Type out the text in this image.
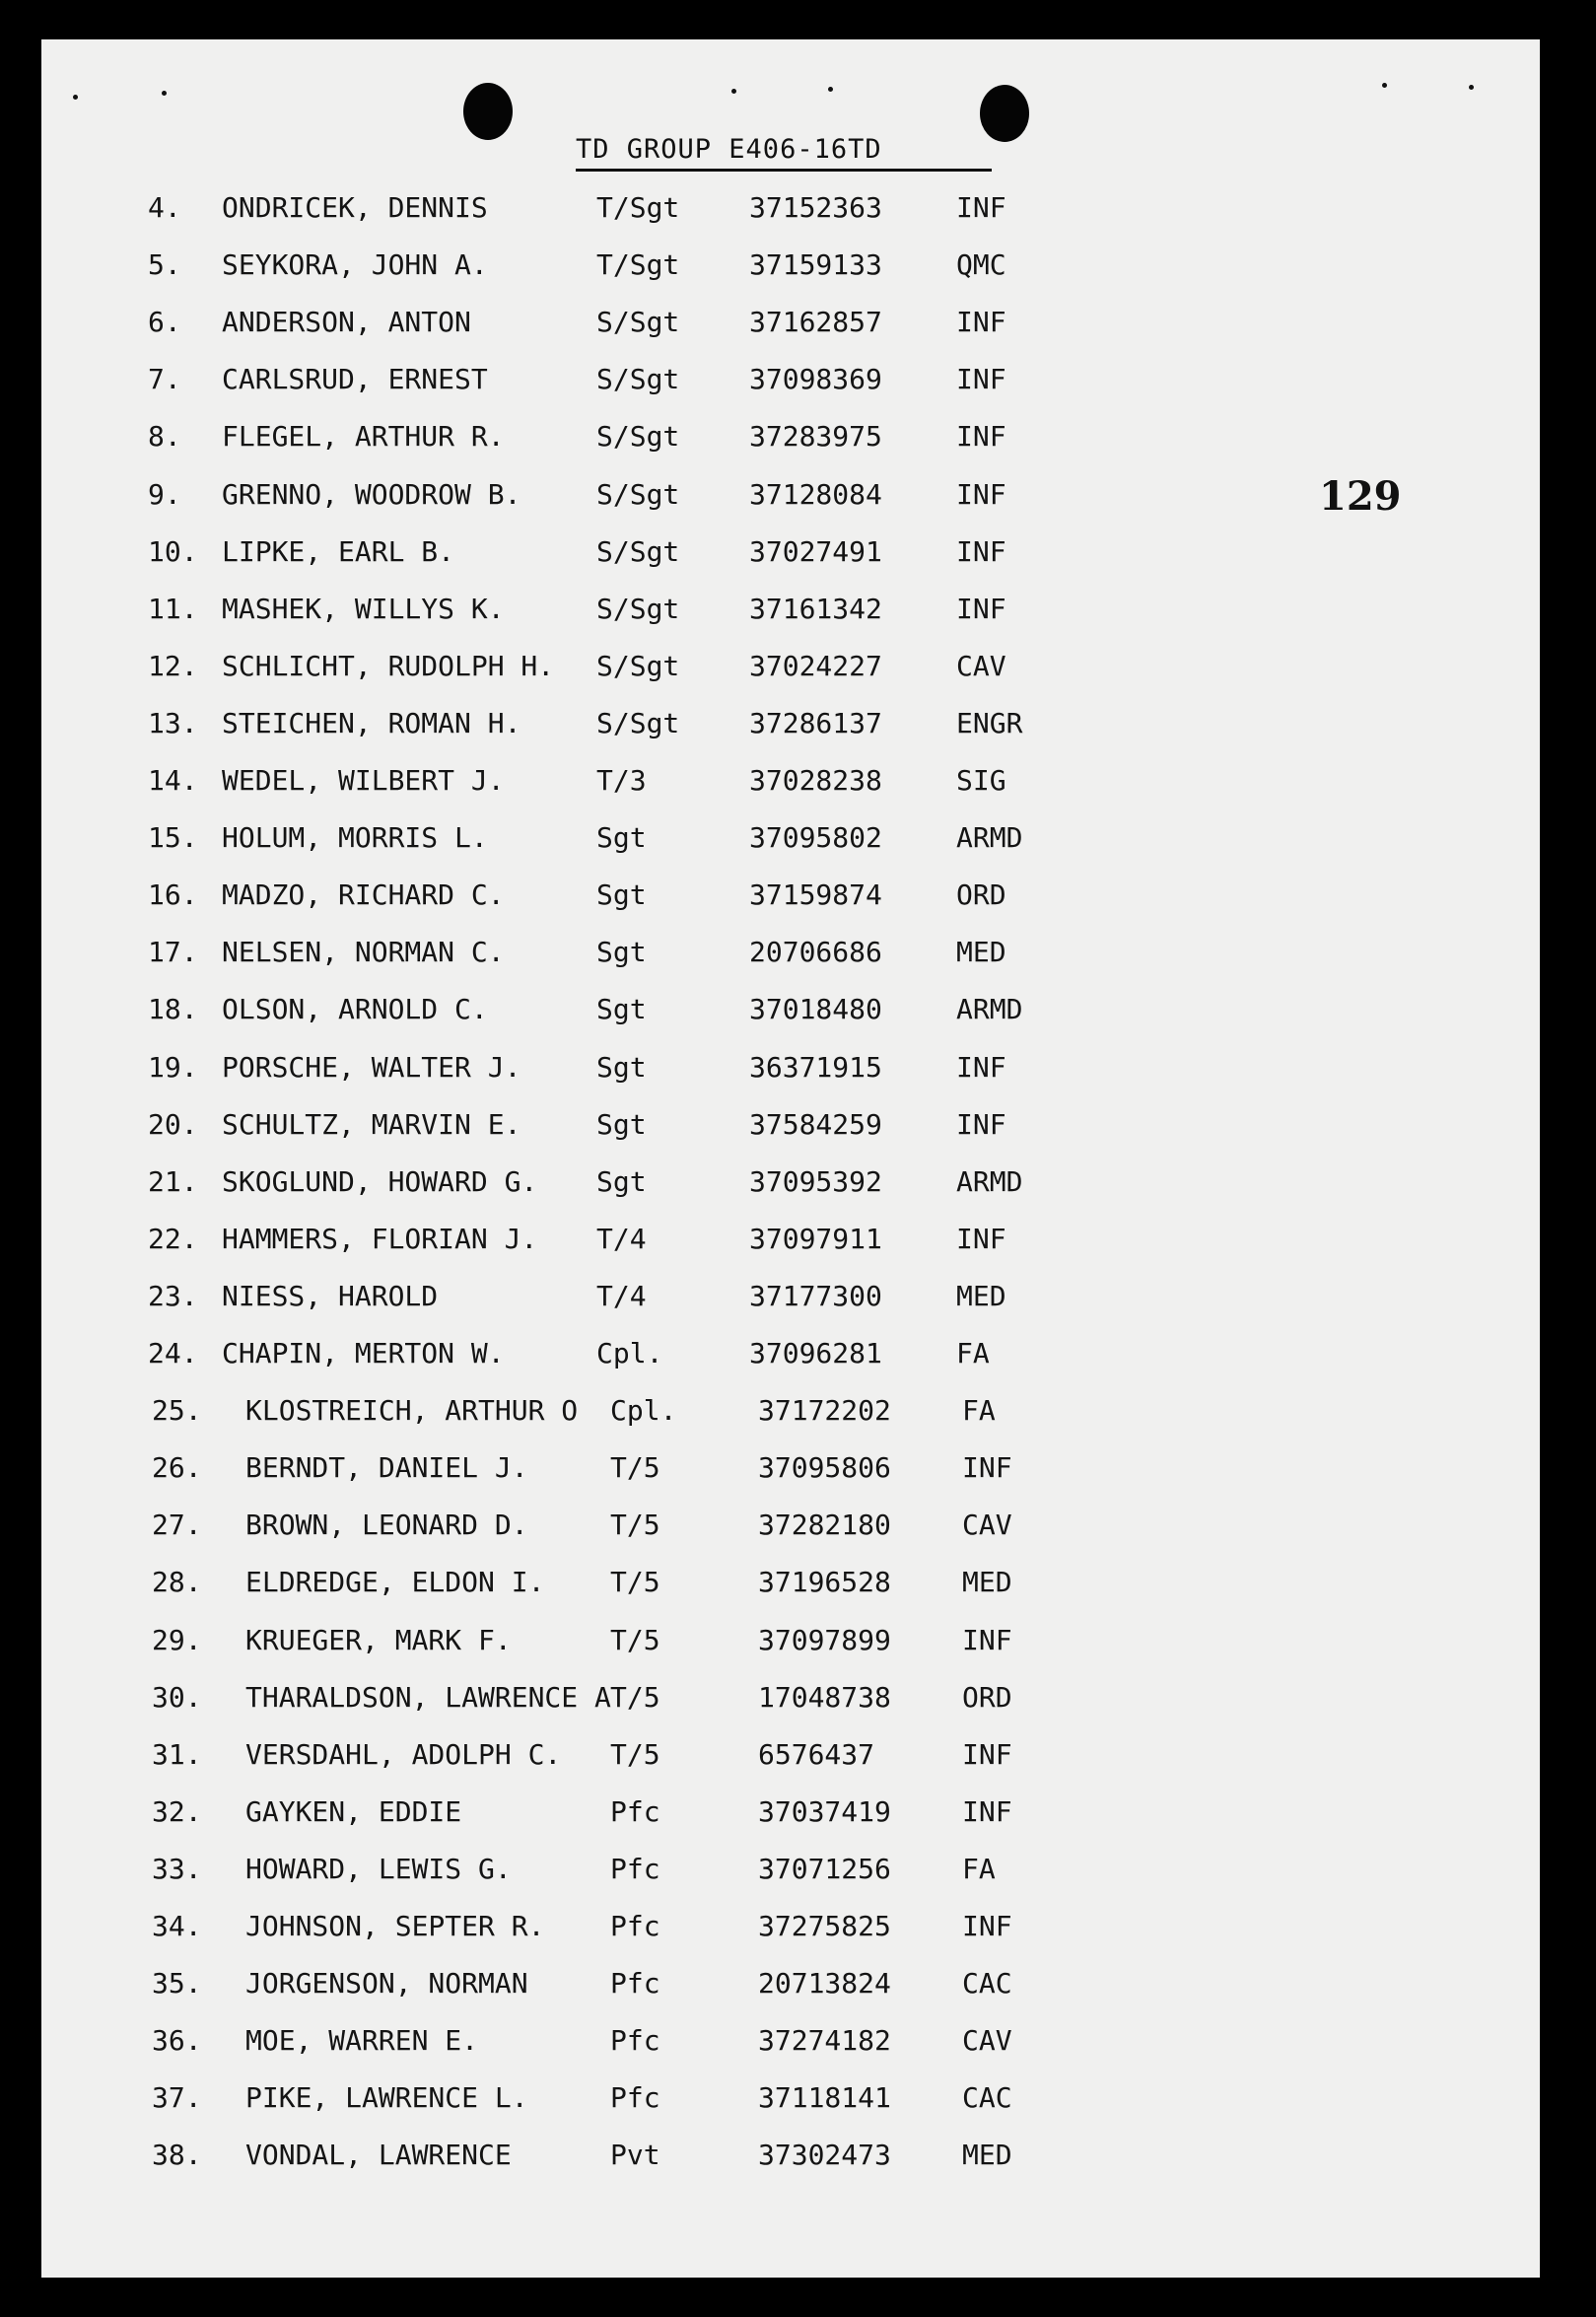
TD GROUP E406-16TD
129
4. ONDRICEK, DENNIS	T/Sgt	37152363	INF
5. SEYKORA, JOHN A.	T/Sgt	37159133	QMC
6. ANDERSON, ANTON	S/Sgt	37162857	INF
7. CARLSRUD, ERNEST	S/Sgt	37098369	INF
8. FLEGEL, ARTHUR R.	S/Sgt	37283975	INF
9. GRENNO, WOODROW B.	S/Sgt	37128084	INF
10. LIPKE, EARL B.	S/Sgt	37027491	INF
11. MASHEK, WILLYS K.	S/Sgt	37161342	INF
12. SCHLICHT, RUDOLPH H. S/Sgt	37024227	CAV
13. STEICHEN, ROMAN H.	S/Sgt	37286137	ENGR
14. WEDEL, WILBERT J.	T/3	37028238	SIG
15. HOLUM, MORRIS L.	Sgt	37095802	ARMD
16. MADZO, RICHARD C.	Sgt	37159874	ORD
17. NELSEN, NORMAN C.	Sgt	20706686	MED
18. OLSON, ARNOLD C.	Sgt	37018480	ARMD
19. PORSCHE, WALTER J.	Sgt	36371915	INF
20. SCHULTZ, MARVIN E.	Sgt	37584259	INF
21. SKOGLUND, HOWARD G. Sgt	37095392	ARMD
22. HAMMERS, FLORIAN J. T/4	37097911	INF
23. NIESS, HAROLD	T/4	37177300	MED
24. CHAPIN, MERTON W.	Cpl.	37096281	FA
25. KLOSTREICH, ARTHUR O Cpl.	37172202	FA
26. BERNDT, DANIEL J.	T/5	37095806	INF
27. BROWN, LEONARD D.	T/5	37282180	CAV
28. ELDREDGE, ELDON I. T/5	37196528	MED
29. KRUEGER, MARK F.	T/5	37097899	INF
30. THARALDSON, LAWRENCE A T/5	17048738	ORD
31. VERSDAHL, ADOLPH C. T/5	6576437	INF
32. GAYKEN, EDDIE	Pfc	37037419	INF
33. HOWARD, LEWIS G.	Pfc	37071256	FA
34. JOHNSON, SEPTER R. Pfc	37275825	INF
35. JORGENSON, NORMAN	Pfc	20713824	CAC
36. MOE, WARREN E.	Pfc	37274182	CAV
37. PIKE, LAWRENCE L.	Pfc	37118141	CAC
38. VONDAL, LAWRENCE	Pvt	37302473	MED
